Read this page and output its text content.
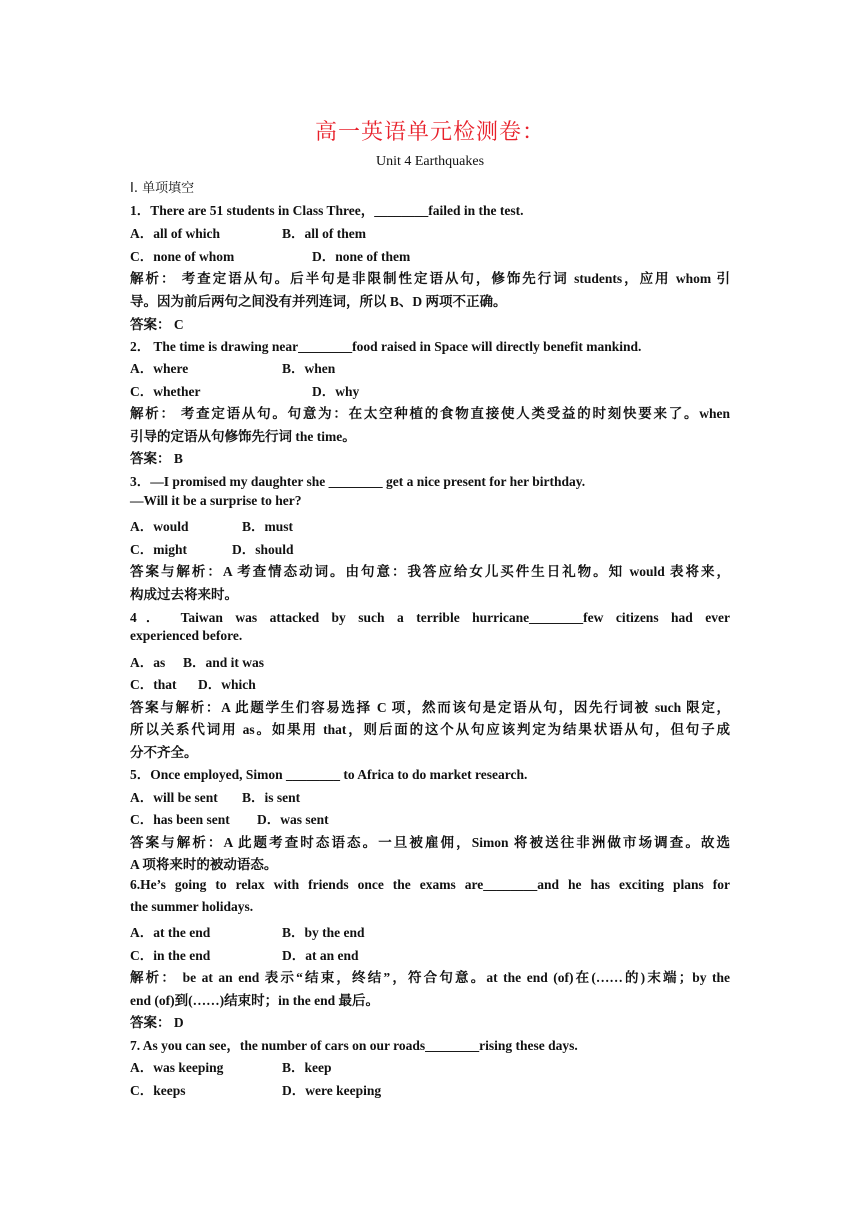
高一英语单元检测卷：
Unit 4 Earthquakes
I. 单项填空
1．There are 51 students in Class Three，________failed in the test.
A．all of which	B．all of them
C．none of whom	D．none of them
解析： 考查定语从句。后半句是非限制性定语从句，修饰先行词 students，应用 whom 引
导。因为前后两句之间没有并列连词，所以 B、D 两项不正确。
答案： C
2． The time is drawing near________food raised in Space will directly benefit mankind.
A．where	B．when
C．whether	D．why
解析： 考查定语从句。句意为：在太空种植的食物直接使人类受益的时刻快要来了。when
引导的定语从句修饰先行词 the time。
答案： B
3．—I promised my daughter she ________ get a nice present for her birthday.
—Will it be a surprise to her?
A．would	B．must
C．might	D．should
答案与解析：A 考查情态动词。由句意：我答应给女儿买件生日礼物。知 would 表将来，
构成过去将来时。
4． Taiwan was attacked by such a terrible hurricane________few citizens had ever
experienced before.
A．as B．and it was
C．that D．which
答案与解析：A 此题学生们容易选择 C 项，然而该句是定语从句，因先行词被 such 限定，
所以关系代词用 as。如果用 that，则后面的这个从句应该判定为结果状语从句，但句子成
分不齐全。
5．Once employed, Simon ________ to Africa to do market research.
A．will be sent B．is sent
C．has been sent D．was sent
答案与解析：A 此题考查时态语态。一旦被雇佣，Simon 将被送往非洲做市场调查。故选
A 项将来时的被动语态。
6.He’s going to relax with friends once the exams are________and he has exciting plans for
the summer holidays.
A．at the end	B．by the end
C．in the end	D．at an end
解析： be at an end 表示“结束，终结”，符合句意。at the end (of)在(……的)末端；by the
end (of)到(……)结束时；in the end 最后。
答案： D
7. As you can see，the number of cars on our roads________rising these days.
A．was keeping	B．keep
C．keeps	D．were keeping
